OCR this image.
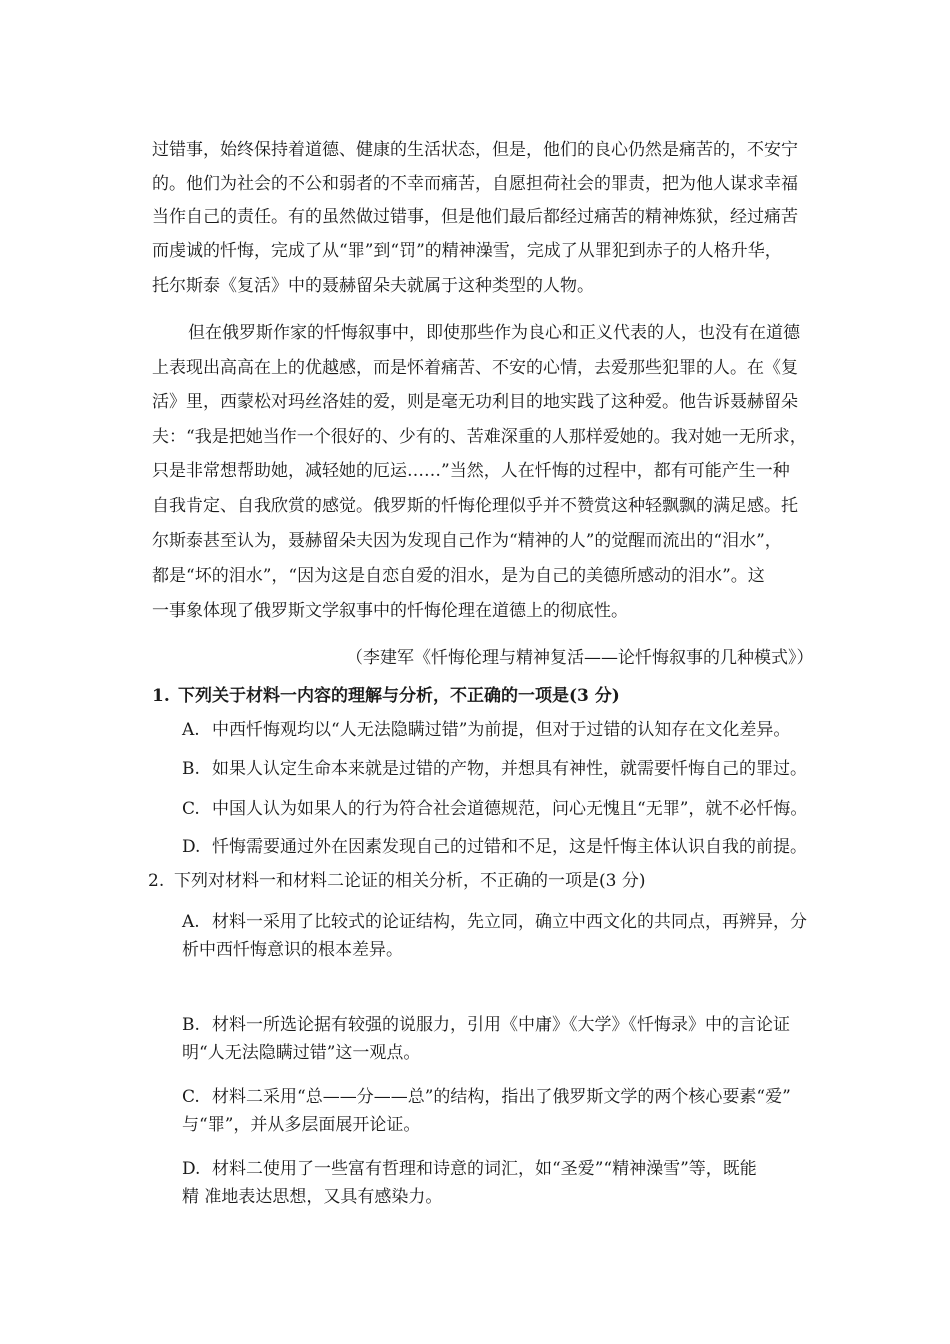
过错事，始终保持着道德、健康的生活状态，但是，他们的良心仍然是痛苦的，不安宁
的。他们为社会的不公和弱者的不幸而痛苦，自愿担荷社会的罪责，把为他人谋求幸福
当作自己的责任。有的虽然做过错事，但是他们最后都经过痛苦的精神炼狱，经过痛苦
而虔诚的忏悔，完成了从“罪”到“罚”的精神澡雪，完成了从罪犯到赤子的人格升华，
托尔斯泰《复活》中的聂赫留朵夫就属于这种类型的人物。
但在俄罗斯作家的忏悔叙事中，即使那些作为良心和正义代表的人，也没有在道德
上表现出高高在上的优越感，而是怀着痛苦、不安的心情，去爱那些犯罪的人。在《复
活》里，西蒙松对玛丝洛娃的爱，则是毫无功利目的地实践了这种爱。他告诉聂赫留朵
夫：“我是把她当作一个很好的、少有的、苦难深重的人那样爱她的。我对她一无所求，
只是非常想帮助她，减轻她的厄运……”当然，人在忏悔的过程中，都有可能产生一种
自我肯定、自我欣赏的感觉。俄罗斯的忏悔伦理似乎并不赞赏这种轻飘飘的满足感。托
尔斯泰甚至认为，聂赫留朵夫因为发现自己作为“精神的人”的觉醒而流出的“泪水”，
都是“坏的泪水”，“因为这是自恋自爱的泪水，是为自己的美德所感动的泪水”。这
一事象体现了俄罗斯文学叙事中的忏悔伦理在道德上的彻底性。
（李建军《忏悔伦理与精神复活——论忏悔叙事的几种模式》）
1. 下列关于材料一内容的理解与分析，不正确的一项是(3 分)
A. 中西忏悔观均以“人无法隐瞒过错”为前提，但对于过错的认知存在文化差异。
B. 如果人认定生命本来就是过错的产物，并想具有神性，就需要忏悔自己的罪过。
C. 中国人认为如果人的行为符合社会道德规范，问心无愧且“无罪”，就不必忏悔。
D. 忏悔需要通过外在因素发现自己的过错和不足，这是忏悔主体认识自我的前提。
2. 下列对材料一和材料二论证的相关分析，不正确的一项是(3 分)
A. 材料一采用了比较式的论证结构，先立同，确立中西文化的共同点，再辨异，分
析中西忏悔意识的根本差异。
B. 材料一所选论据有较强的说服力，引用《中庸》《大学》《忏悔录》中的言论证
明“人无法隐瞒过错”这一观点。
C. 材料二采用“总——分——总”的结构，指出了俄罗斯文学的两个核心要素“爱”
与“罪”，并从多层面展开论证。
D. 材料二使用了一些富有哲理和诗意的词汇，如“圣爱”“精神澡雪”等，既能
精 准地表达思想，又具有感染力。
